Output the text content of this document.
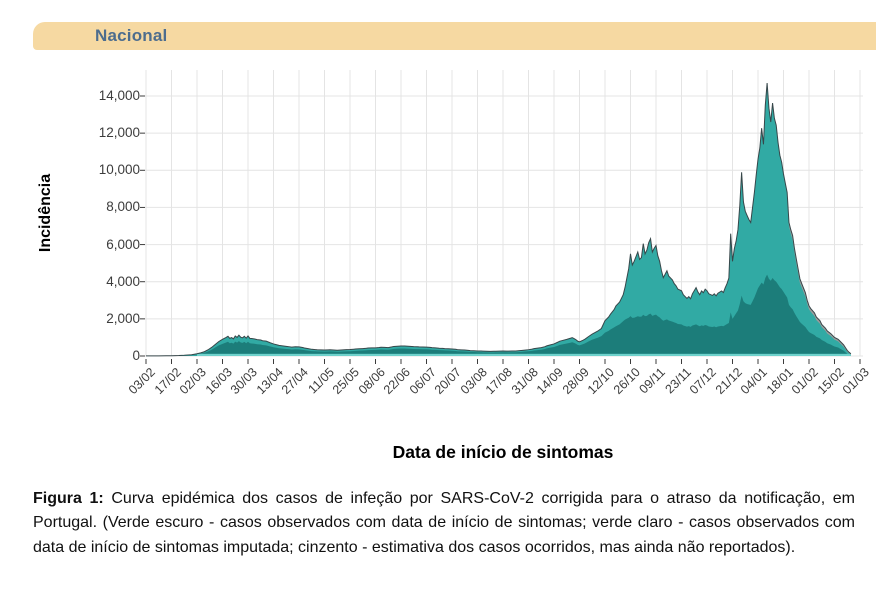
Nacional
Incidência
0
2,000
4,000
6,000
8,000
10,000
12,000
14,000
03/02
17/02
02/03
16/03
30/03
13/04
27/04
11/05
25/05
08/06
22/06
06/07
20/07
03/08
17/08
31/08
14/09
28/09
12/10
26/10
09/11
23/11
07/12
21/12
04/01
18/01
01/02
15/02
01/03
Data de início de sintomas

Figura 1: Curva epidémica dos casos de infeção por SARS-CoV-2 corrigida para o atraso da notificação, em Portugal. (Verde escuro - casos observados com data de início de sintomas; verde claro - casos observados com data de início de sintomas imputada; cinzento - estimativa dos casos ocorridos, mas ainda não reportados).
